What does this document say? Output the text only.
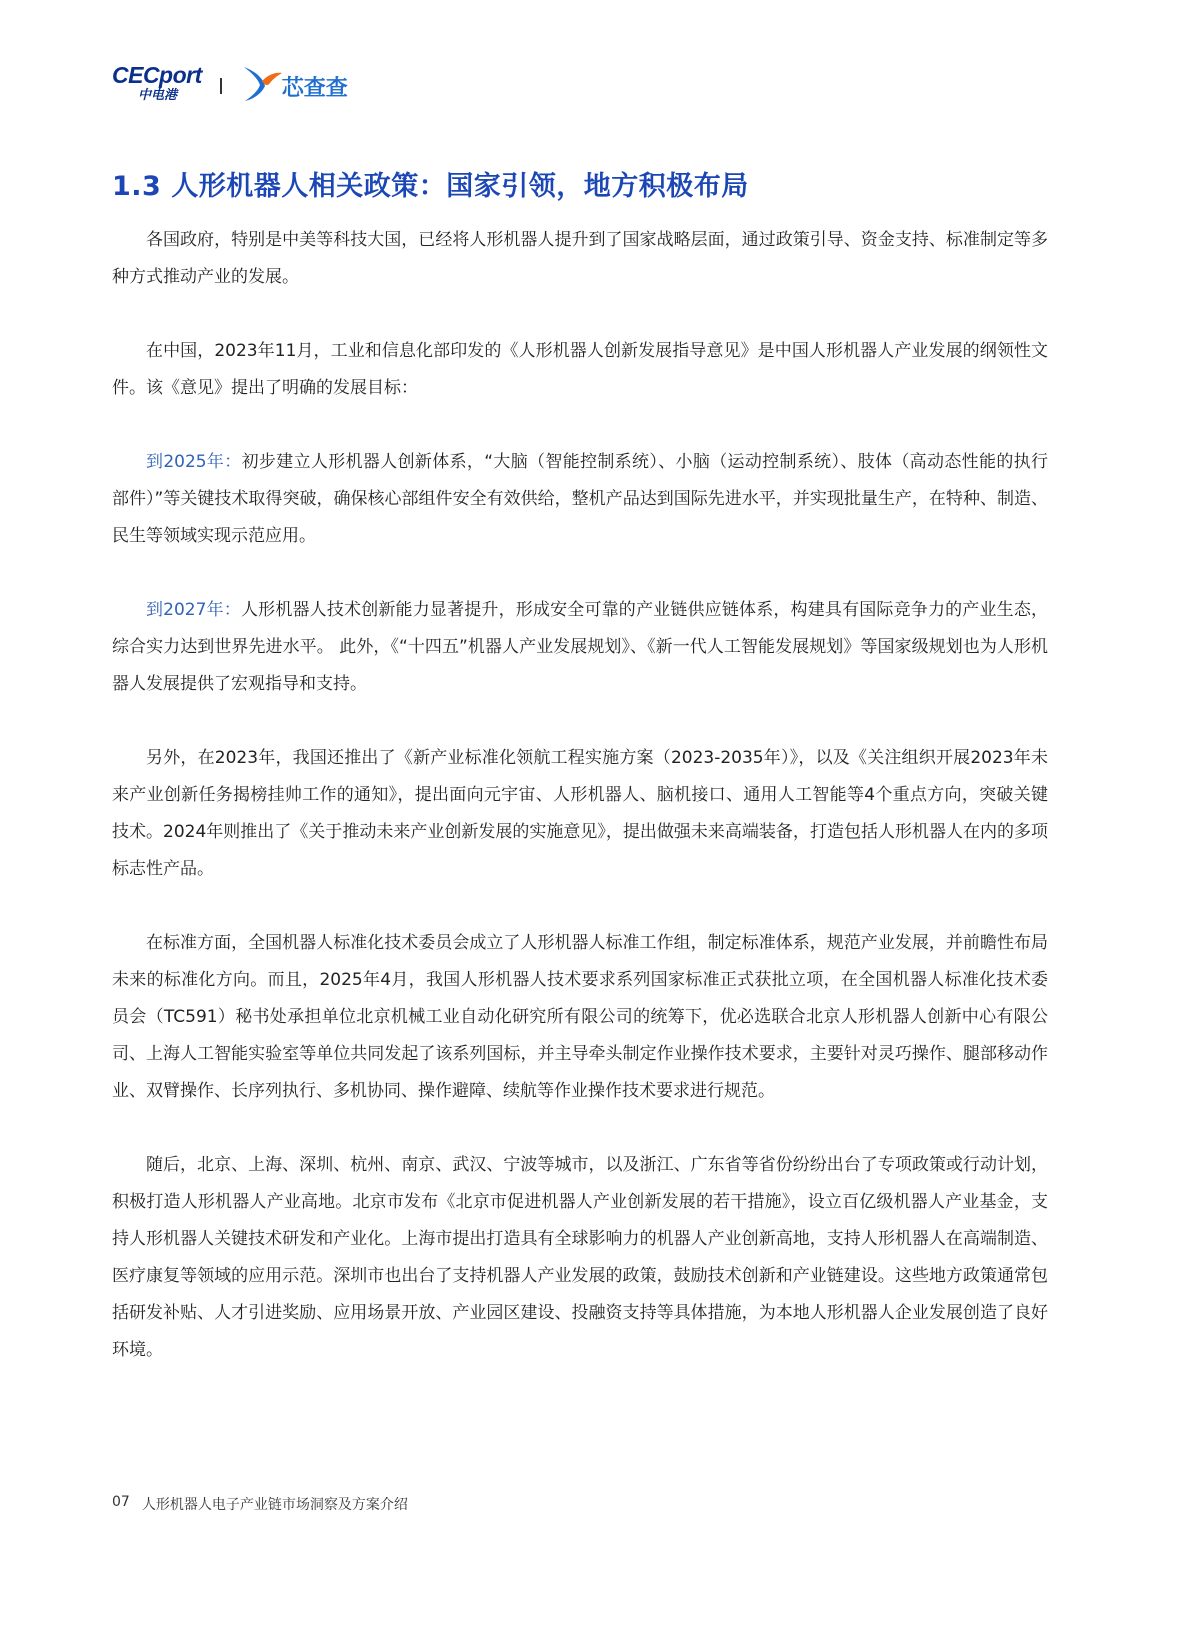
CECport
中电港	芯查查
1.3 人形机器人相关政策：国家引领，地方积极布局

各国政府，特别是中美等科技大国，已经将人形机器人提升到了国家战略层面，通过政策引导、资金支持、标准制定等多种方式推动产业的发展。

在中国，2023年11月，工业和信息化部印发的《人形机器人创新发展指导意见》是中国人形机器人产业发展的纲领性文件。该《意见》提出了明确的发展目标：

到2025年：初步建立人形机器人创新体系，“大脑（智能控制系统）、小脑（运动控制系统）、肢体（高动态性能的执行部件）”等关键技术取得突破，确保核心部组件安全有效供给，整机产品达到国际先进水平，并实现批量生产，在特种、制造、民生等领域实现示范应用。

到2027年：人形机器人技术创新能力显著提升，形成安全可靠的产业链供应链体系，构建具有国际竞争力的产业生态，综合实力达到世界先进水平。 此外，《“十四五”机器人产业发展规划》、《新一代人工智能发展规划》等国家级规划也为人形机器人发展提供了宏观指导和支持。

另外，在2023年，我国还推出了《新产业标准化领航工程实施方案（2023-2035年）》，以及《关注组织开展2023年未来产业创新任务揭榜挂帅工作的通知》，提出面向元宇宙、人形机器人、脑机接口、通用人工智能等4个重点方向，突破关键技术。2024年则推出了《关于推动未来产业创新发展的实施意见》，提出做强未来高端装备，打造包括人形机器人在内的多项标志性产品。

在标准方面，全国机器人标准化技术委员会成立了人形机器人标准工作组，制定标准体系，规范产业发展，并前瞻性布局未来的标准化方向。而且，2025年4月，我国人形机器人技术要求系列国家标准正式获批立项，在全国机器人标准化技术委员会（TC591）秘书处承担单位北京机械工业自动化研究所有限公司的统筹下，优必选联合北京人形机器人创新中心有限公司、上海人工智能实验室等单位共同发起了该系列国标，并主导牵头制定作业操作技术要求，主要针对灵巧操作、腿部移动作业、双臂操作、长序列执行、多机协同、操作避障、续航等作业操作技术要求进行规范。

随后，北京、上海、深圳、杭州、南京、武汉、宁波等城市，以及浙江、广东省等省份纷纷出台了专项政策或行动计划，积极打造人形机器人产业高地。北京市发布《北京市促进机器人产业创新发展的若干措施》，设立百亿级机器人产业基金，支持人形机器人关键技术研发和产业化。上海市提出打造具有全球影响力的机器人产业创新高地，支持人形机器人在高端制造、医疗康复等领域的应用示范。深圳市也出台了支持机器人产业发展的政策，鼓励技术创新和产业链建设。这些地方政策通常包括研发补贴、人才引进奖励、应用场景开放、产业园区建设、投融资支持等具体措施，为本地人形机器人企业发展创造了良好环境。

07 人形机器人电子产业链市场洞察及方案介绍
